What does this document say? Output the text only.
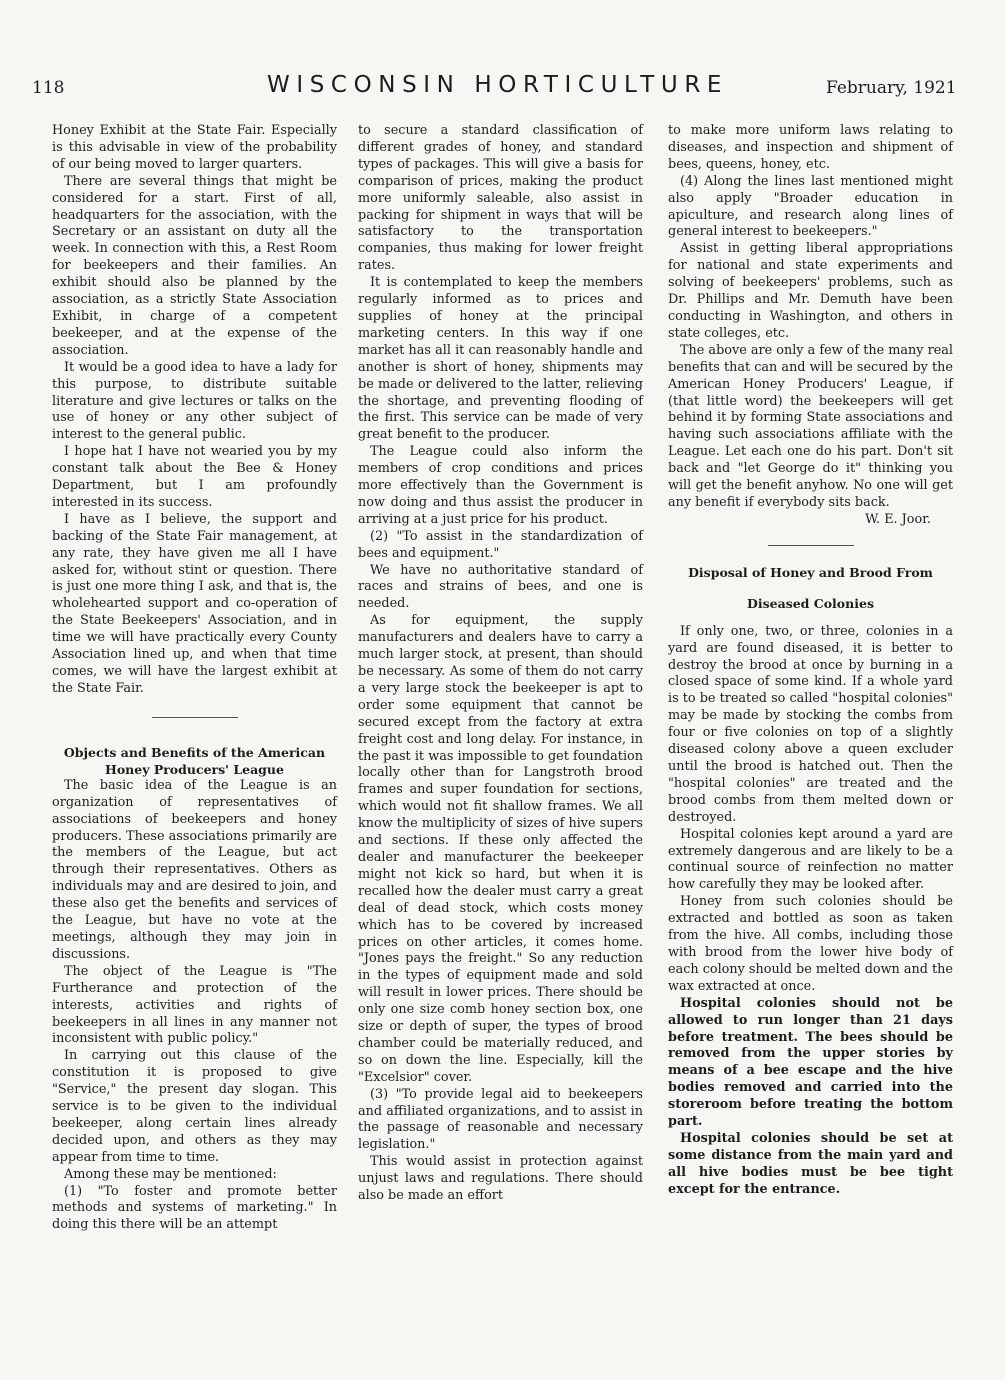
118	WISCONSIN HORTICULTURE	February, 1921

Honey Exhibit at the State Fair. Especially is this advisable in view of the probability of our being moved to larger quarters.

There are several things that might be considered for a start. First of all, headquarters for the association, with the Secretary or an assistant on duty all the week. In connection with this, a Rest Room for beekeepers and their families. An exhibit should also be planned by the association, as a strictly State Association Exhibit, in charge of a competent beekeeper, and at the expense of the association.

It would be a good idea to have a lady for this purpose, to distribute suitable literature and give lectures or talks on the use of honey or any other subject of interest to the general public.

I hope hat I have not wearied you by my constant talk about the Bee & Honey Department, but I am profoundly interested in its success.

I have as I believe, the support and backing of the State Fair management, at any rate, they have given me all I have asked for, without stint or question. There is just one more thing I ask, and that is, the wholehearted support and co-operation of the State Beekeepers' Association, and in time we will have practically every County Association lined up, and when that time comes, we will have the largest exhibit at the State Fair.

Objects and Benefits of the American
Honey Producers' League

The basic idea of the League is an organization of representatives of associations of beekeepers and honey producers. These associations primarily are the members of the League, but act through their representatives. Others as individuals may and are desired to join, and these also get the benefits and services of the League, but have no vote at the meetings, although they may join in discussions.

The object of the League is "The Furtherance and protection of the interests, activities and rights of beekeepers in all lines in any manner not inconsistent with public policy."

In carrying out this clause of the constitution it is proposed to give "Service," the present day slogan. This service is to be given to the individual beekeeper, along certain lines already decided upon, and others as they may appear from time to time.

Among these may be mentioned:

(1) "To foster and promote better methods and systems of marketing." In doing this there will be an attempt

to secure a standard classification of different grades of honey, and standard types of packages. This will give a basis for comparison of prices, making the product more uniformly saleable, also assist in packing for shipment in ways that will be satisfactory to the transportation companies, thus making for lower freight rates.

It is contemplated to keep the members regularly informed as to prices and supplies of honey at the principal marketing centers. In this way if one market has all it can reasonably handle and another is short of honey, shipments may be made or delivered to the latter, relieving the shortage, and preventing flooding of the first. This service can be made of very great benefit to the producer.

The League could also inform the members of crop conditions and prices more effectively than the Government is now doing and thus assist the producer in arriving at a just price for his product.

(2) "To assist in the standardization of bees and equipment."

We have no authoritative standard of races and strains of bees, and one is needed.

As for equipment, the supply manufacturers and dealers have to carry a much larger stock, at present, than should be necessary. As some of them do not carry a very large stock the beekeeper is apt to order some equipment that cannot be secured except from the factory at extra freight cost and long delay. For instance, in the past it was impossible to get foundation locally other than for Langstroth brood frames and super foundation for sections, which would not fit shallow frames. We all know the multiplicity of sizes of hive supers and sections. If these only affected the dealer and manufacturer the beekeeper might not kick so hard, but when it is recalled how the dealer must carry a great deal of dead stock, which costs money which has to be covered by increased prices on other articles, it comes home. "Jones pays the freight." So any reduction in the types of equipment made and sold will result in lower prices. There should be only one size comb honey section box, one size or depth of super, the types of brood chamber could be materially reduced, and so on down the line. Especially, kill the "Excelsior" cover.

(3) "To provide legal aid to beekeepers and affiliated organizations, and to assist in the passage of reasonable and necessary legislation."

This would assist in protection against unjust laws and regulations. There should also be made an effort

to make more uniform laws relating to diseases, and inspection and shipment of bees, queens, honey, etc.

(4) Along the lines last mentioned might also apply "Broader education in apiculture, and research along lines of general interest to beekeepers."

Assist in getting liberal appropriations for national and state experiments and solving of beekeepers' problems, such as Dr. Phillips and Mr. Demuth have been conducting in Washington, and others in state colleges, etc.

The above are only a few of the many real benefits that can and will be secured by the American Honey Producers' League, if (that little word) the beekeepers will get behind it by forming State associations and having such associations affiliate with the League. Let each one do his part. Don't sit back and "let George do it" thinking you will get the benefit anyhow. No one will get any benefit if everybody sits back.

W. E. Joor.

Disposal of Honey and Brood From
Diseased Colonies

If only one, two, or three, colonies in a yard are found diseased, it is better to destroy the brood at once by burning in a closed space of some kind. If a whole yard is to be treated so called "hospital colonies" may be made by stocking the combs from four or five colonies on top of a slightly diseased colony above a queen excluder until the brood is hatched out. Then the "hospital colonies" are treated and the brood combs from them melted down or destroyed.

Hospital colonies kept around a yard are extremely dangerous and are likely to be a continual source of reinfection no matter how carefully they may be looked after.

Honey from such colonies should be extracted and bottled as soon as taken from the hive. All combs, including those with brood from the lower hive body of each colony should be melted down and the wax extracted at once.

Hospital colonies should not be allowed to run longer than 21 days before treatment. The bees should be removed from the upper stories by means of a bee escape and the hive bodies removed and carried into the storeroom before treating the bottom part.

Hospital colonies should be set at some distance from the main yard and all hive bodies must be bee tight except for the entrance.
